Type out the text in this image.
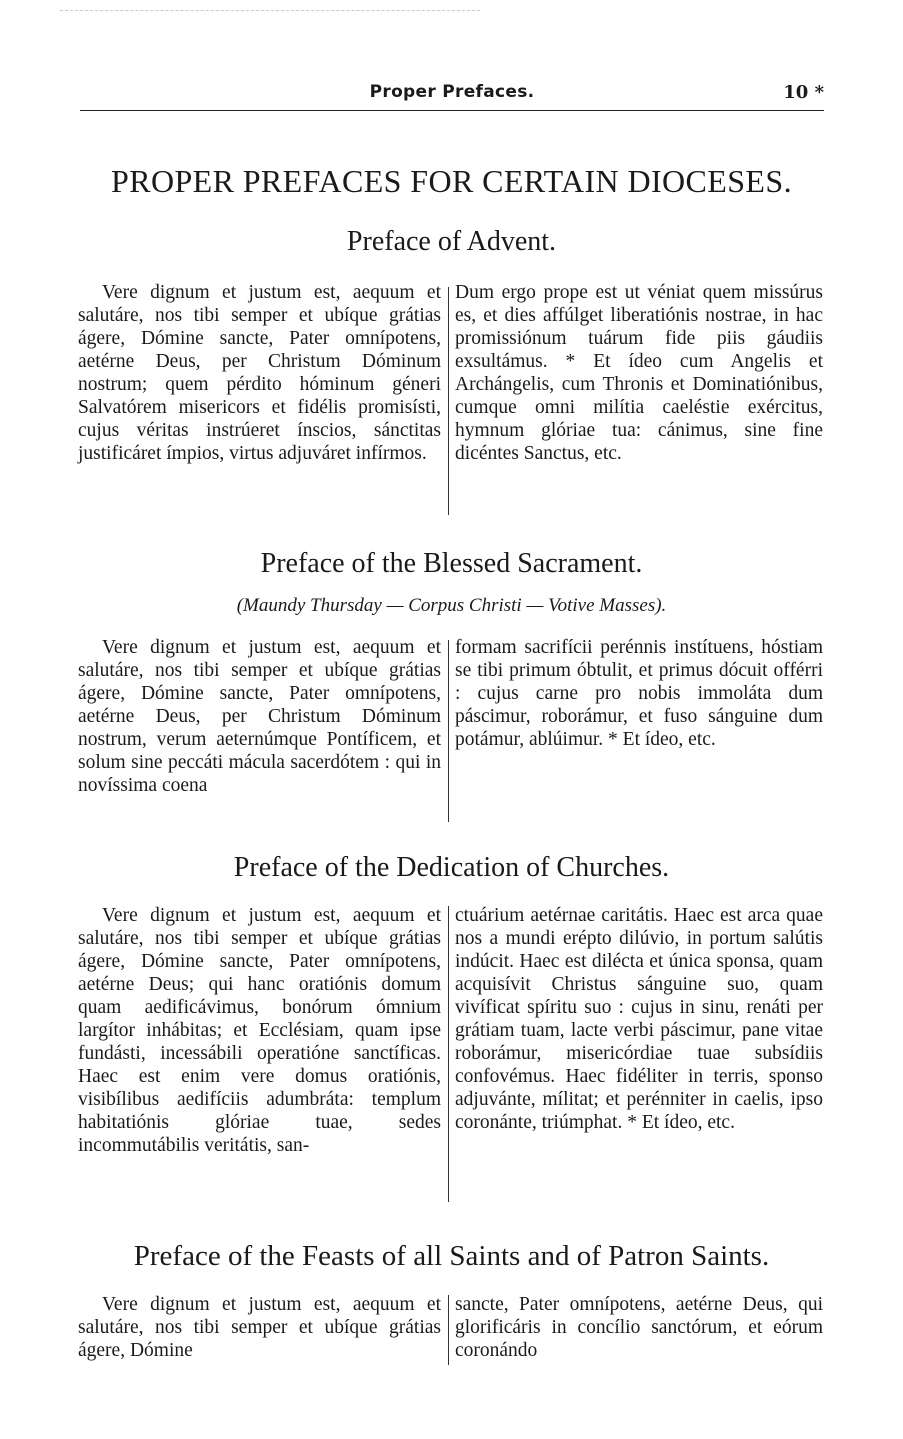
Proper Prefaces.	10 *
PROPER PREFACES FOR CERTAIN DIOCESES.
Preface of Advent.
Vere dignum et justum est, aequum et salutáre, nos tibi semper et ubíque grátias ágere, Dómine sancte, Pater omnípotens, aetérne Deus, per Christum Dóminum nostrum; quem pérdito hóminum géneri Salvatórem misericors et fidélis promisísti, cujus véritas instrúeret ínscios, sánctitas justificáret ímpios, virtus adjuváret infírmos.
Dum ergo prope est ut véniat quem missúrus es, et dies affúlget liberatiónis nostrae, in hac promissiónum tuárum fide piis gáudiis exsultámus. * Et ídeo cum Angelis et Archángelis, cum Thronis et Dominatiónibus, cumque omni milítia caeléstie exércitus, hymnum glóriae tua: cánimus, sine fine dicéntes Sanctus, etc.
Preface of the Blessed Sacrament.
(Maundy Thursday — Corpus Christi — Votive Masses).
Vere dignum et justum est, aequum et salutáre, nos tibi semper et ubíque grátias ágere, Dómine sancte, Pater omnípotens, aetérne Deus, per Christum Dóminum nostrum, verum aeternúmque Pontíficem, et solum sine peccáti mácula sacerdótem : qui in novíssima coena
formam sacrifícii perénnis instítuens, hóstiam se tibi primum óbtulit, et primus dócuit offérri : cujus carne pro nobis immoláta dum páscimur, roborámur, et fuso sánguine dum potámur, ablúimur. * Et ídeo, etc.
Preface of the Dedication of Churches.
Vere dignum et justum est, aequum et salutáre, nos tibi semper et ubíque grátias ágere, Dómine sancte, Pater omnípotens, aetérne Deus; qui hanc oratiónis domum quam aedificávimus, bonórum ómnium largítor inhábitas; et Ecclésiam, quam ipse fundásti, incessábili operatióne sanctíficas. Haec est enim vere domus oratiónis, visibílibus aedifíciis adumbráta: templum habitatiónis glóriae tuae, sedes incommutábilis veritátis, san-
ctuárium aetérnae caritátis. Haec est arca quae nos a mundi erépto dilúvio, in portum salútis indúcit. Haec est dilécta et única sponsa, quam acquisívit Christus sánguine suo, quam vivíficat spíritu suo : cujus in sinu, renáti per grátiam tuam, lacte verbi páscimur, pane vitae roborámur, misericórdiae tuae subsídiis confovémus. Haec fidéliter in terris, sponso adjuvánte, mílitat; et perénniter in caelis, ipso coronánte, triúmphat. * Et ídeo, etc.
Preface of the Feasts of all Saints and of Patron Saints.
Vere dignum et justum est, aequum et salutáre, nos tibi semper et ubíque grátias ágere, Dómine
sancte, Pater omnípotens, aetérne Deus, qui glorificáris in concílio sanctórum, et eórum coronándo
